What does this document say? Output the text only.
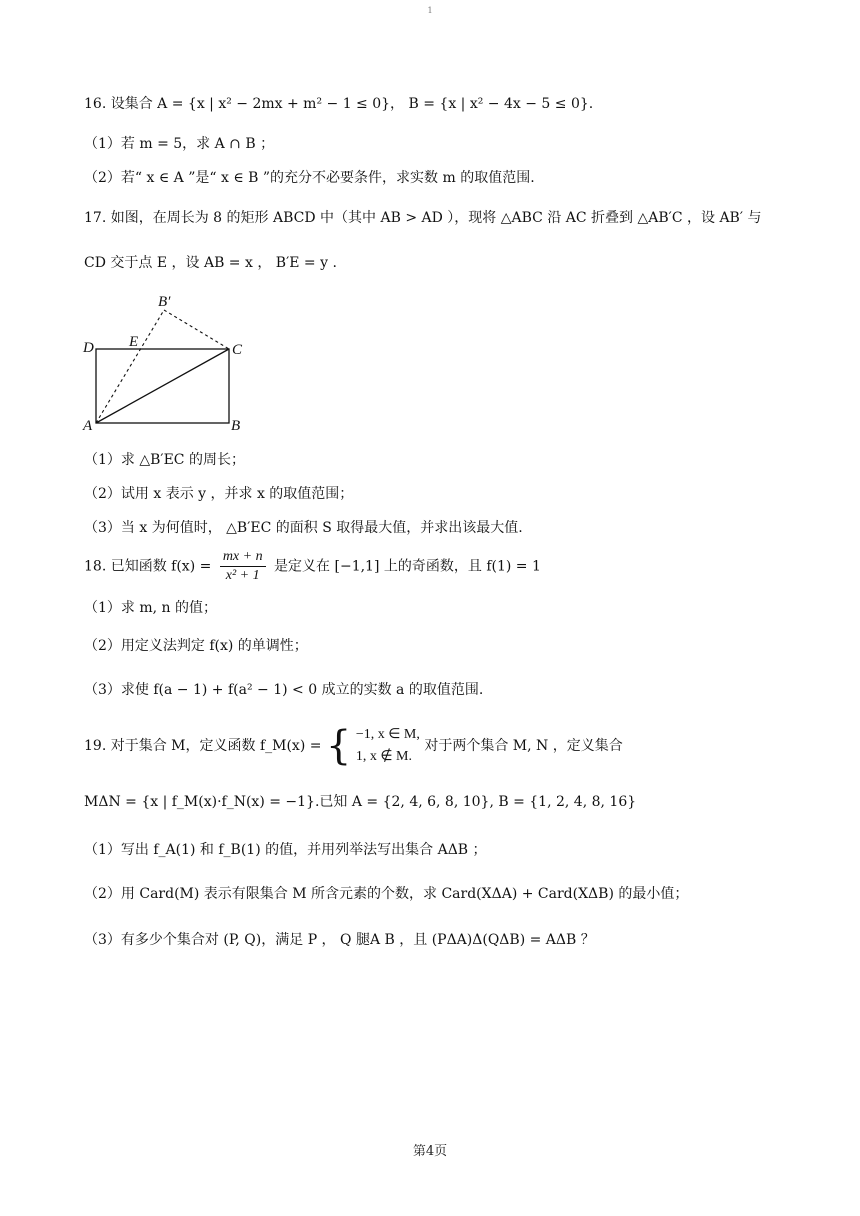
1
16. 设集合 A = {x | x² − 2mx + m² − 1 ≤ 0}， B = {x | x² − 4x − 5 ≤ 0}.
（1）若 m = 5，求 A ∩ B ；
（2）若“ x ∈ A ”是“ x ∈ B ”的充分不必要条件，求实数 m 的取值范围.
17. 如图，在周长为 8 的矩形 ABCD 中（其中 AB > AD ），现将 △ABC 沿 AC 折叠到 △AB′C ，设 AB′ 与
CD 交于点 E ，设 AB = x ， B′E = y .
B′
D E	C
A	B
（1）求 △B′EC 的周长；
（2）试用 x 表示 y ，并求 x 的取值范围；
（3）当 x 为何值时， △B′EC 的面积 S 取得最大值，并求出该最大值.
18. 已知函数 $f(x) = \frac{mx + n}{\text{x² + 1}}$ 是定义在 [−1,1] 上的奇函数，且 f(1) = 1
（1）求 m, n 的值；
（2）用定义法判定 f(x) 的单调性；
（3）求使 f(a − 1) + f(a² − 1) < 0 成立的实数 a 的取值范围.
19. 对于集合 M，定义函数 f_M(x) = { −1, x ∈ M,
1, x ∉ M.
对于两个集合 M, N ，定义集合
MΔN = {x | f_M(x)·f_N(x) = −1}.已知 A = {2, 4, 6, 8, 10}, B = {1, 2, 4, 8, 16}
（1）写出 f_A(1) 和 f_B(1) 的值，并用列举法写出集合 AΔB ；
（2）用 Card(M) 表示有限集合 M 所含元素的个数，求 Card(XΔA) + Card(XΔB) 的最小值；
（3）有多少个集合对 (P, Q)，满足 P ， Q 腿A B ，且 (PΔA)Δ(QΔB) = AΔB ？
第4页
